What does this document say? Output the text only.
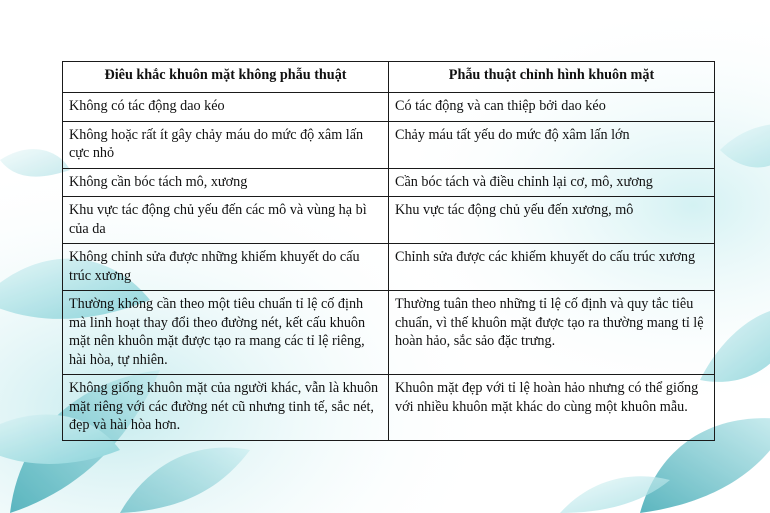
Điêu khắc khuôn mặt không phẫu thuật	Phẫu thuật chỉnh hình khuôn mặt
Không có tác động dao kéo	Có tác động và can thiệp bởi dao kéo
Không hoặc rất ít gây chảy máu do mức độ xâm lấn cực nhỏ	Chảy máu tất yếu do mức độ xâm lấn lớn
Không cần bóc tách mô, xương	Cần bóc tách và điều chỉnh lại cơ, mô, xương
Khu vực tác động chủ yếu đến các mô và vùng hạ bì của da	Khu vực tác động chủ yếu đến xương, mô
Không chỉnh sửa được những khiếm khuyết do cấu trúc xương	Chỉnh sửa được các khiếm khuyết do cấu trúc xương
Thường không cần theo một tiêu chuẩn tỉ lệ cố định mà linh hoạt thay đổi theo đường nét, kết cấu khuôn mặt nên khuôn mặt được tạo ra mang các tỉ lệ riêng, hài hòa, tự nhiên.	Thường tuân theo những tỉ lệ cố định và quy tắc tiêu chuẩn, vì thế khuôn mặt được tạo ra thường mang tỉ lệ hoàn hảo, sắc sảo đặc trưng.
Không giống khuôn mặt của người khác, vẫn là khuôn mặt riêng với các đường nét cũ nhưng tinh tế, sắc nét, đẹp và hài hòa hơn.	Khuôn mặt đẹp với tỉ lệ hoàn hảo nhưng có thể giống với nhiều khuôn mặt khác do cùng một khuôn mẫu.
